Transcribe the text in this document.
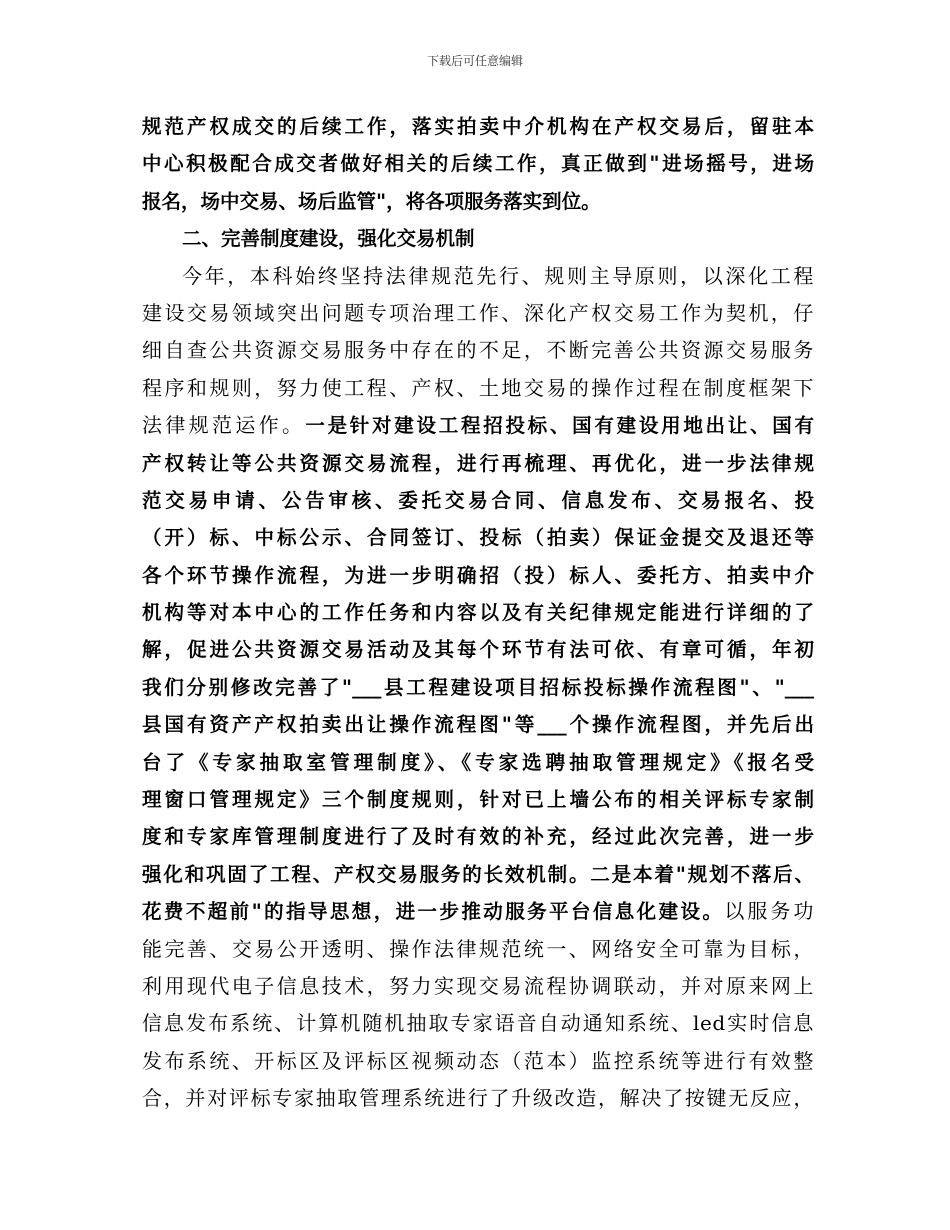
下载后可任意编辑
规范产权成交的后续工作，落实拍卖中介机构在产权交易后，留驻本
中心积极配合成交者做好相关的后续工作，真正做到"进场摇号，进场
报名，场中交易、场后监管"，将各项服务落实到位。
二、完善制度建设，强化交易机制
今年，本科始终坚持法律规范先行、规则主导原则，以深化工程
建设交易领域突出问题专项治理工作、深化产权交易工作为契机，仔
细自查公共资源交易服务中存在的不足，不断完善公共资源交易服务
程序和规则，努力使工程、产权、土地交易的操作过程在制度框架下
法律规范运作。一是针对建设工程招投标、国有建设用地出让、国有
产权转让等公共资源交易流程，进行再梳理、再优化，进一步法律规
范交易申请、公告审核、委托交易合同、信息发布、交易报名、投
（开）标、中标公示、合同签订、投标（拍卖）保证金提交及退还等
各个环节操作流程，为进一步明确招（投）标人、委托方、拍卖中介
机构等对本中心的工作任务和内容以及有关纪律规定能进行详细的了
解，促进公共资源交易活动及其每个环节有法可依、有章可循，年初
我们分别修改完善了"___县工程建设项目招标投标操作流程图"、"___
县国有资产产权拍卖出让操作流程图"等___个操作流程图，并先后出
台了《专家抽取室管理制度》、《专家选聘抽取管理规定》《报名受
理窗口管理规定》三个制度规则，针对已上墙公布的相关评标专家制
度和专家库管理制度进行了及时有效的补充，经过此次完善，进一步
强化和巩固了工程、产权交易服务的长效机制。二是本着"规划不落后、
花费不超前"的指导思想，进一步推动服务平台信息化建设。以服务功
能完善、交易公开透明、操作法律规范统一、网络安全可靠为目标，
利用现代电子信息技术，努力实现交易流程协调联动，并对原来网上
信息发布系统、计算机随机抽取专家语音自动通知系统、led实时信息
发布系统、开标区及评标区视频动态（范本）监控系统等进行有效整
合，并对评标专家抽取管理系统进行了升级改造，解决了按键无反应，
